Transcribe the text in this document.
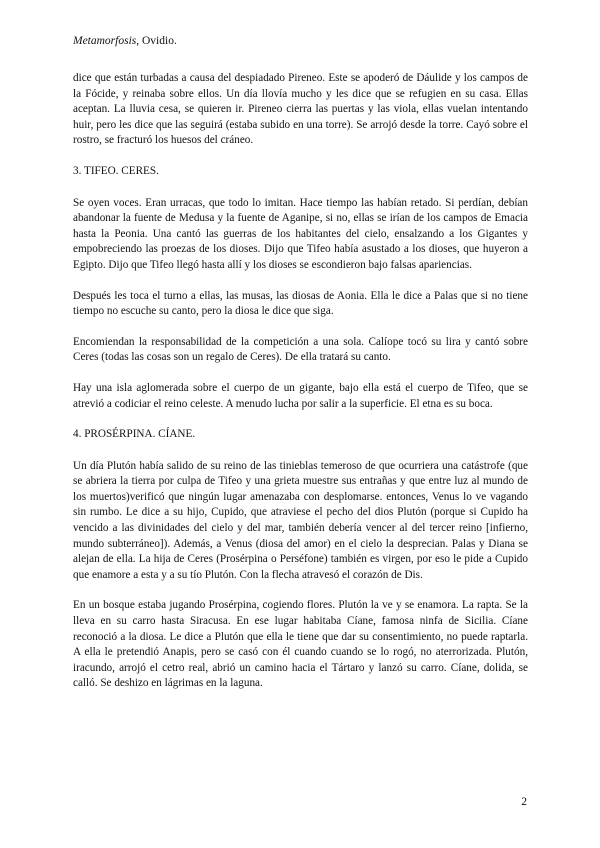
Metamorfosis, Ovidio.

dice que están turbadas a causa del despiadado Pireneo. Este se apoderó de Dáulide y los campos de la Fócide, y reinaba sobre ellos. Un día llovía mucho y les dice que se refugien en su casa. Ellas aceptan. La lluvia cesa, se quieren ir. Pireneo cierra las puertas y las viola, ellas vuelan intentando huir, pero les dice que las seguirá (estaba subido en una torre). Se arrojó desde la torre. Cayó sobre el rostro, se fracturó los huesos del cráneo.

3. TIFEO. CERES.

Se oyen voces. Eran urracas, que todo lo imitan. Hace tiempo las habían retado. Si perdían, debían abandonar la fuente de Medusa y la fuente de Aganipe, si no, ellas se irían de los campos de Emacia hasta la Peonia. Una cantó las guerras de los habitantes del cielo, ensalzando a los Gigantes y empobreciendo las proezas de los dioses. Dijo que Tifeo había asustado a los dioses, que huyeron a Egipto. Dijo que Tifeo llegó hasta allí y los dioses se escondieron bajo falsas apariencias.

Después les toca el turno a ellas, las musas, las diosas de Aonia. Ella le dice a Palas que si no tiene tiempo no escuche su canto, pero la diosa le dice que siga.

Encomiendan la responsabilidad de la competición a una sola. Calíope tocó su lira y cantó sobre Ceres (todas las cosas son un regalo de Ceres). De ella tratará su canto.

Hay una isla aglomerada sobre el cuerpo de un gigante, bajo ella está el cuerpo de Tifeo, que se atrevió a codiciar el reino celeste. A menudo lucha por salir a la superficie. El etna es su boca.

4. PROSÉRPINA. CÍANE.

Un día Plutón había salido de su reino de las tinieblas temeroso de que ocurriera una catástrofe (que se abriera la tierra por culpa de Tifeo y una grieta muestre sus entrañas y que entre luz al mundo de los muertos)verificó que ningún lugar amenazaba con desplomarse. entonces, Venus lo ve vagando sin rumbo. Le dice a su hijo, Cupido, que atraviese el pecho del dios Plutón (porque si Cupido ha vencido a las divinidades del cielo y del mar, también debería vencer al del tercer reino [infierno, mundo subterráneo]). Además, a Venus (diosa del amor) en el cielo la desprecian. Palas y Diana se alejan de ella. La hija de Ceres (Prosérpina o Perséfone) también es virgen, por eso le pide a Cupido que enamore a esta y a su tío Plutón. Con la flecha atravesó el corazón de Dis.

En un bosque estaba jugando Prosérpina, cogiendo flores. Plutón la ve y se enamora. La rapta. Se la lleva en su carro hasta Siracusa. En ese lugar habitaba Cíane, famosa ninfa de Sicilia. Cíane reconoció a la diosa. Le dice a Plutón que ella le tiene que dar su consentimiento, no puede raptarla. A ella le pretendió Anapis, pero se casó con él cuando cuando se lo rogó, no aterrorizada. Plutón, iracundo, arrojó el cetro real, abrió un camino hacia el Tártaro y lanzó su carro. Cíane, dolida, se calló. Se deshizo en lágrimas en la laguna.

2
